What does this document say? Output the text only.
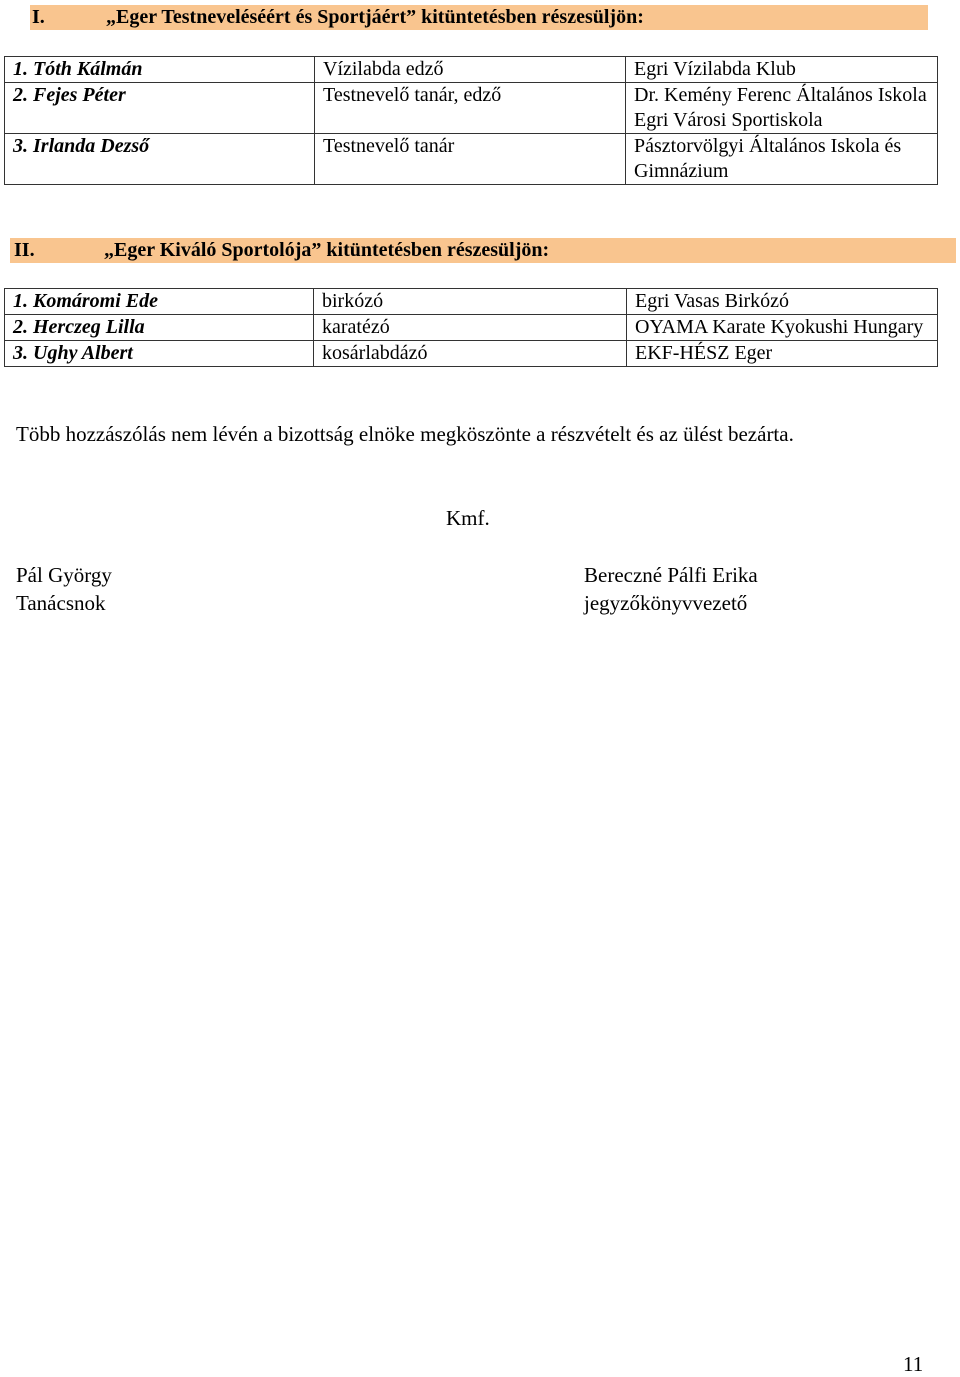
I.	„Eger Testneveléséért és Sportjáért” kitüntetésben részesüljön:
1. Tóth Kálmán	Vízilabda edző	Egri Vízilabda Klub

2. Fejes Péter	Testnevelő tanár, edző	Dr. Kemény Ferenc Általános Iskola
Egri Városi Sportiskola

3. Irlanda Dezső	Testnevelő tanár	Pásztorvölgyi Általános Iskola és Gimnázium
II.	„Eger Kiváló Sportolója” kitüntetésben részesüljön:
1. Komáromi Ede	birkózó	Egri Vasas Birkózó

2. Herczeg Lilla	karatézó	OYAMA Karate Kyokushi Hungary

3. Ughy Albert	kosárlabdázó	EKF-HÉSZ Eger
Több hozzászólás nem lévén a bizottság elnöke megköszönte a részvételt és az ülést bezárta.
Kmf.
Pál György
Tanácsnok
Bereczné Pálfi Erika
jegyzőkönyvvezető
11
